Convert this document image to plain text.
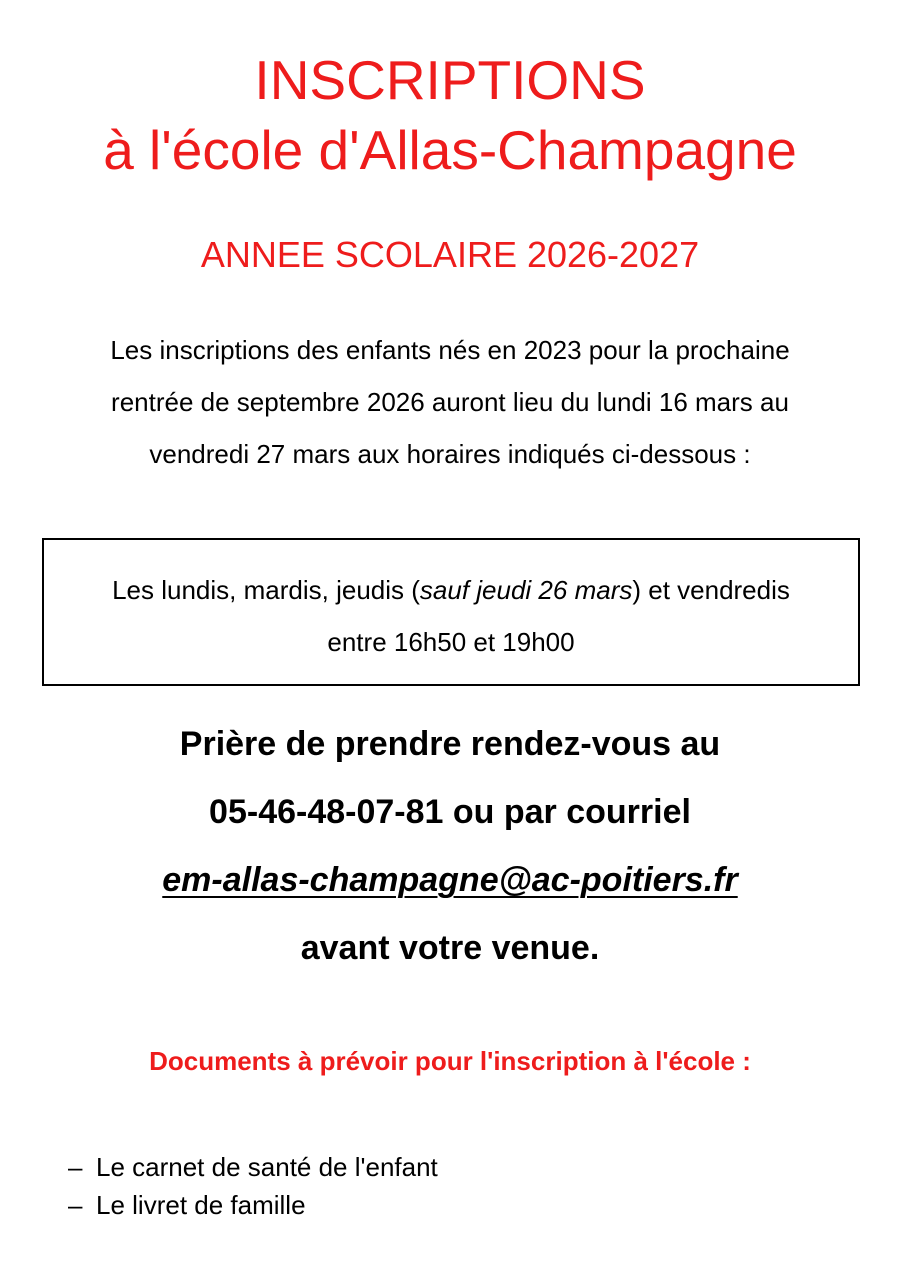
INSCRIPTIONS
à l'école d'Allas-Champagne
ANNEE SCOLAIRE 2026-2027
Les inscriptions des enfants nés en 2023 pour la prochaine
rentrée de septembre 2026 auront lieu du lundi 16 mars au
vendredi 27 mars aux horaires indiqués ci-dessous :
Les lundis, mardis, jeudis (sauf jeudi 26 mars) et vendredis
entre 16h50 et 19h00

Prière de prendre rendez-vous au

05-46-48-07-81 ou par courriel

em-allas-champagne@ac-poitiers.fr

avant votre venue.

Documents à prévoir pour l'inscription à l'école :
– Le carnet de santé de l'enfant
– Le livret de famille
